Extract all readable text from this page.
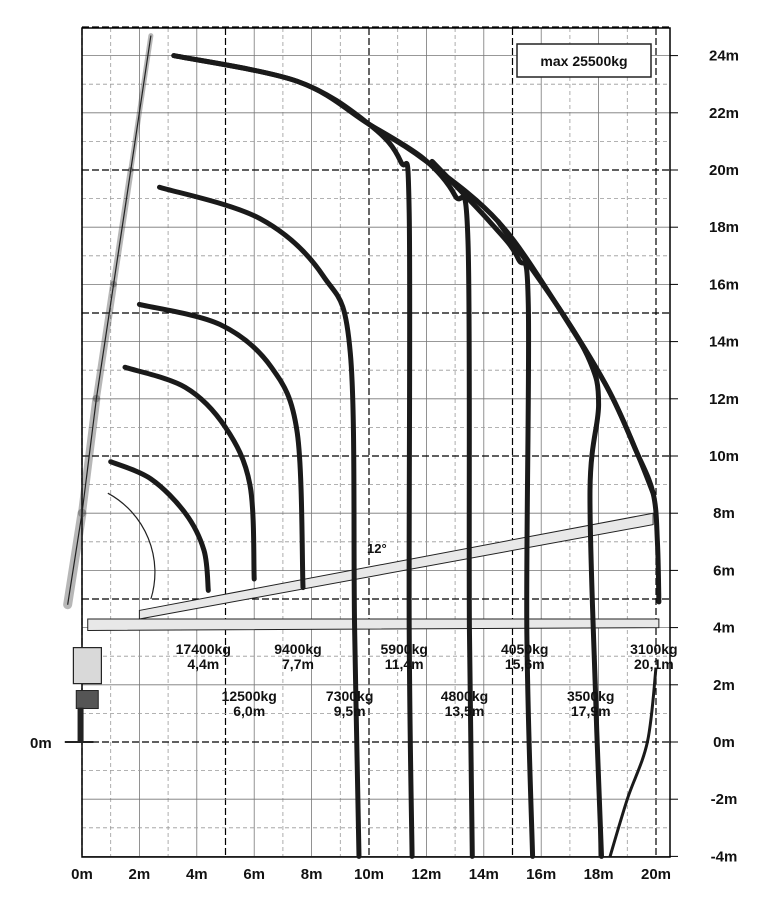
0m 2m 4m 6m 8m 10m 12m 14m 16m 18m 20m
24m
22m
20m
18m
16m
14m
12m
10m
8m
6m
4m
2m
0m
-2m
-4m
17400kg
4,4m
12500kg
6,0m
9400kg
7,7m
7300kg
9,5m
5900kg
11,4m
4800kg
13,5m
4050kg
15,6m
3500kg
17,9m
3100kg
20,1m
max 25500kg
12°
0m
